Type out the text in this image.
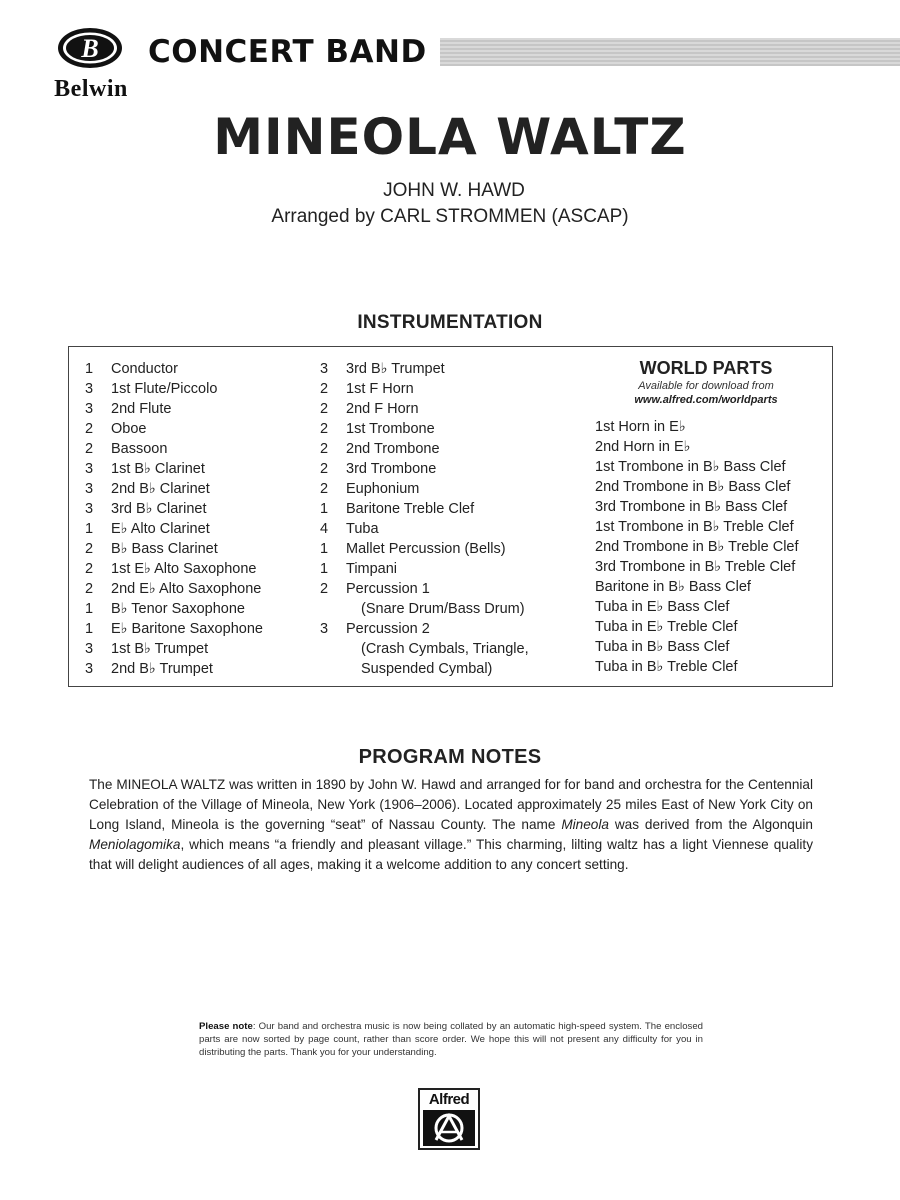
B
Belwin
CONCERT BAND
MINEOLA WALTZ
JOHN W. HAWD
Arranged by CARL STROMMEN (ASCAP)
INSTRUMENTATION
1	Conductor
3	1st Flute/Piccolo
3	2nd Flute
2	Oboe
2	Bassoon
3	1st B♭ Clarinet
3	2nd B♭ Clarinet
3	3rd B♭ Clarinet
1	E♭ Alto Clarinet
2	B♭ Bass Clarinet
2	1st E♭ Alto Saxophone
2	2nd E♭ Alto Saxophone
1	B♭ Tenor Saxophone
1	E♭ Baritone Saxophone
3	1st B♭ Trumpet
3	2nd B♭ Trumpet
3	3rd B♭ Trumpet
2	1st F Horn
2	2nd F Horn
2	1st Trombone
2	2nd Trombone
2	3rd Trombone
2	Euphonium
1	Baritone Treble Clef
4	Tuba
1	Mallet Percussion (Bells)
1	Timpani
2	Percussion 1
(Snare Drum/Bass Drum)
3	Percussion 2
(Crash Cymbals, Triangle,
Suspended Cymbal)
WORLD PARTS
Available for download from
www.alfred.com/worldparts
1st Horn in E♭
2nd Horn in E♭
1st Trombone in B♭ Bass Clef
2nd Trombone in B♭ Bass Clef
3rd Trombone in B♭ Bass Clef
1st Trombone in B♭ Treble Clef
2nd Trombone in B♭ Treble Clef
3rd Trombone in B♭ Treble Clef
Baritone in B♭ Bass Clef
Tuba in E♭ Bass Clef
Tuba in E♭ Treble Clef
Tuba in B♭ Bass Clef
Tuba in B♭ Treble Clef
PROGRAM NOTES
The MINEOLA WALTZ was written in 1890 by John W. Hawd and arranged for for band and orchestra for the Centennial Celebration of the Village of Mineola, New York (1906–2006). Located approximately 25 miles East of New York City on Long Island, Mineola is the governing “seat” of Nassau County. The name Mineola was derived from the Algonquin Meniolagomika, which means “a friendly and pleasant village.” This charming, lilting waltz has a light Viennese quality that will delight audiences of all ages, making it a welcome addition to any concert setting.
Please note: Our band and orchestra music is now being collated by an automatic high-speed system. The enclosed parts are now sorted by page count, rather than score order. We hope this will not present any difficulty for you in distributing the parts. Thank you for your understanding.
Alfred
